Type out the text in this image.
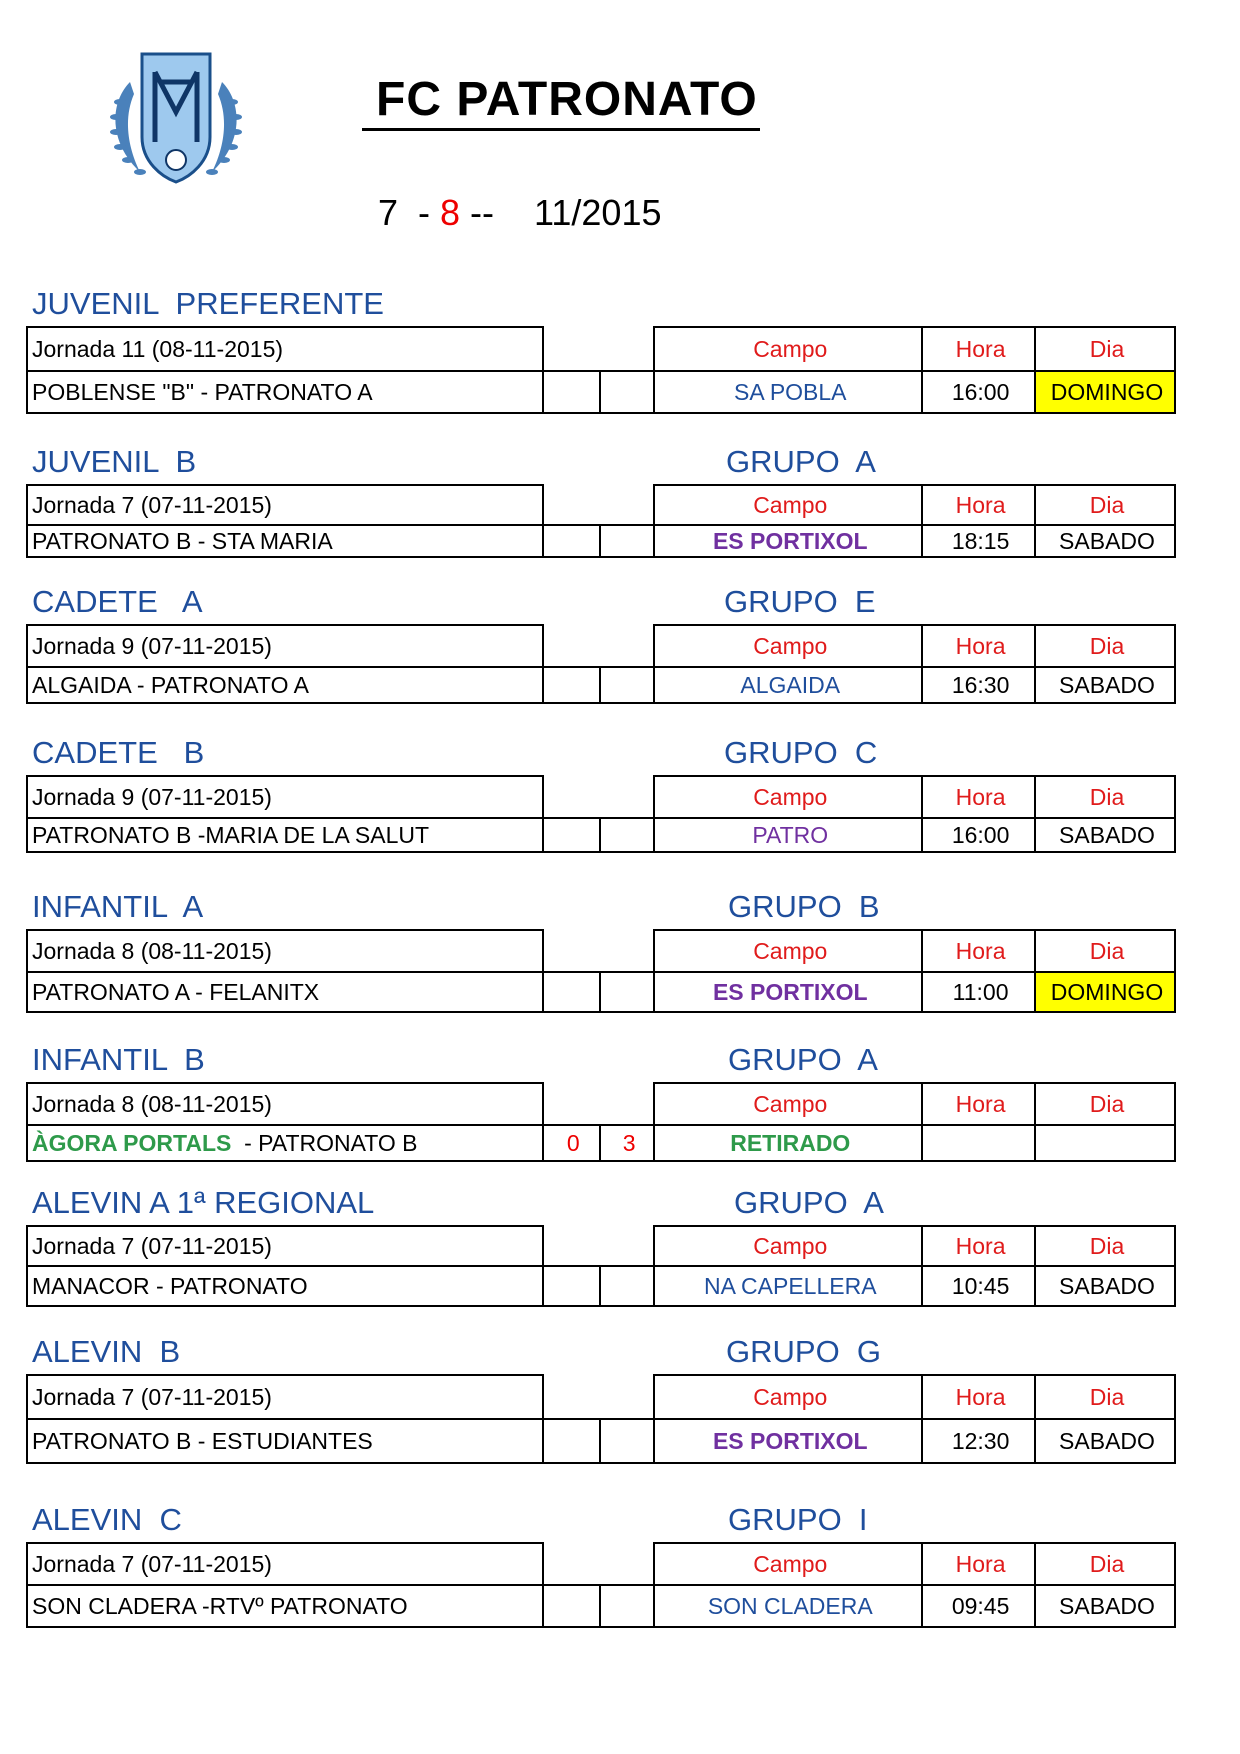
FC PATRONATO
7  - 8 --    11/2015
JUVENIL  PREFERENTE
Jornada 11 (08-11-2015)			Campo	Hora	Dia
POBLENSE "B" - PATRONATO A			SA POBLA	16:00	DOMINGO
JUVENIL  B	GRUPO  A
Jornada 7 (07-11-2015)			Campo	Hora	Dia
PATRONATO B - STA MARIA			ES PORTIXOL	18:15	SABADO
CADETE   A	GRUPO  E
Jornada 9 (07-11-2015)			Campo	Hora	Dia
ALGAIDA - PATRONATO A			ALGAIDA	16:30	SABADO
CADETE   B	GRUPO  C
Jornada 9 (07-11-2015)			Campo	Hora	Dia
PATRONATO B -MARIA DE LA SALUT			PATRO	16:00	SABADO
INFANTIL  A	GRUPO  B
Jornada 8 (08-11-2015)			Campo	Hora	Dia
PATRONATO A - FELANITX			ES PORTIXOL	11:00	DOMINGO
INFANTIL  B	GRUPO  A
Jornada 8 (08-11-2015)			Campo	Hora	Dia
ÀGORA PORTALS  - PATRONATO B	0	3	RETIRADO		
ALEVIN A 1ª REGIONAL	GRUPO  A
Jornada 7 (07-11-2015)			Campo	Hora	Dia
MANACOR - PATRONATO			NA CAPELLERA	10:45	SABADO
ALEVIN  B	GRUPO  G
Jornada 7 (07-11-2015)			Campo	Hora	Dia
PATRONATO B - ESTUDIANTES			ES PORTIXOL	12:30	SABADO
ALEVIN  C	GRUPO  I
Jornada 7 (07-11-2015)			Campo	Hora	Dia
SON CLADERA -RTVº PATRONATO			SON CLADERA	09:45	SABADO
